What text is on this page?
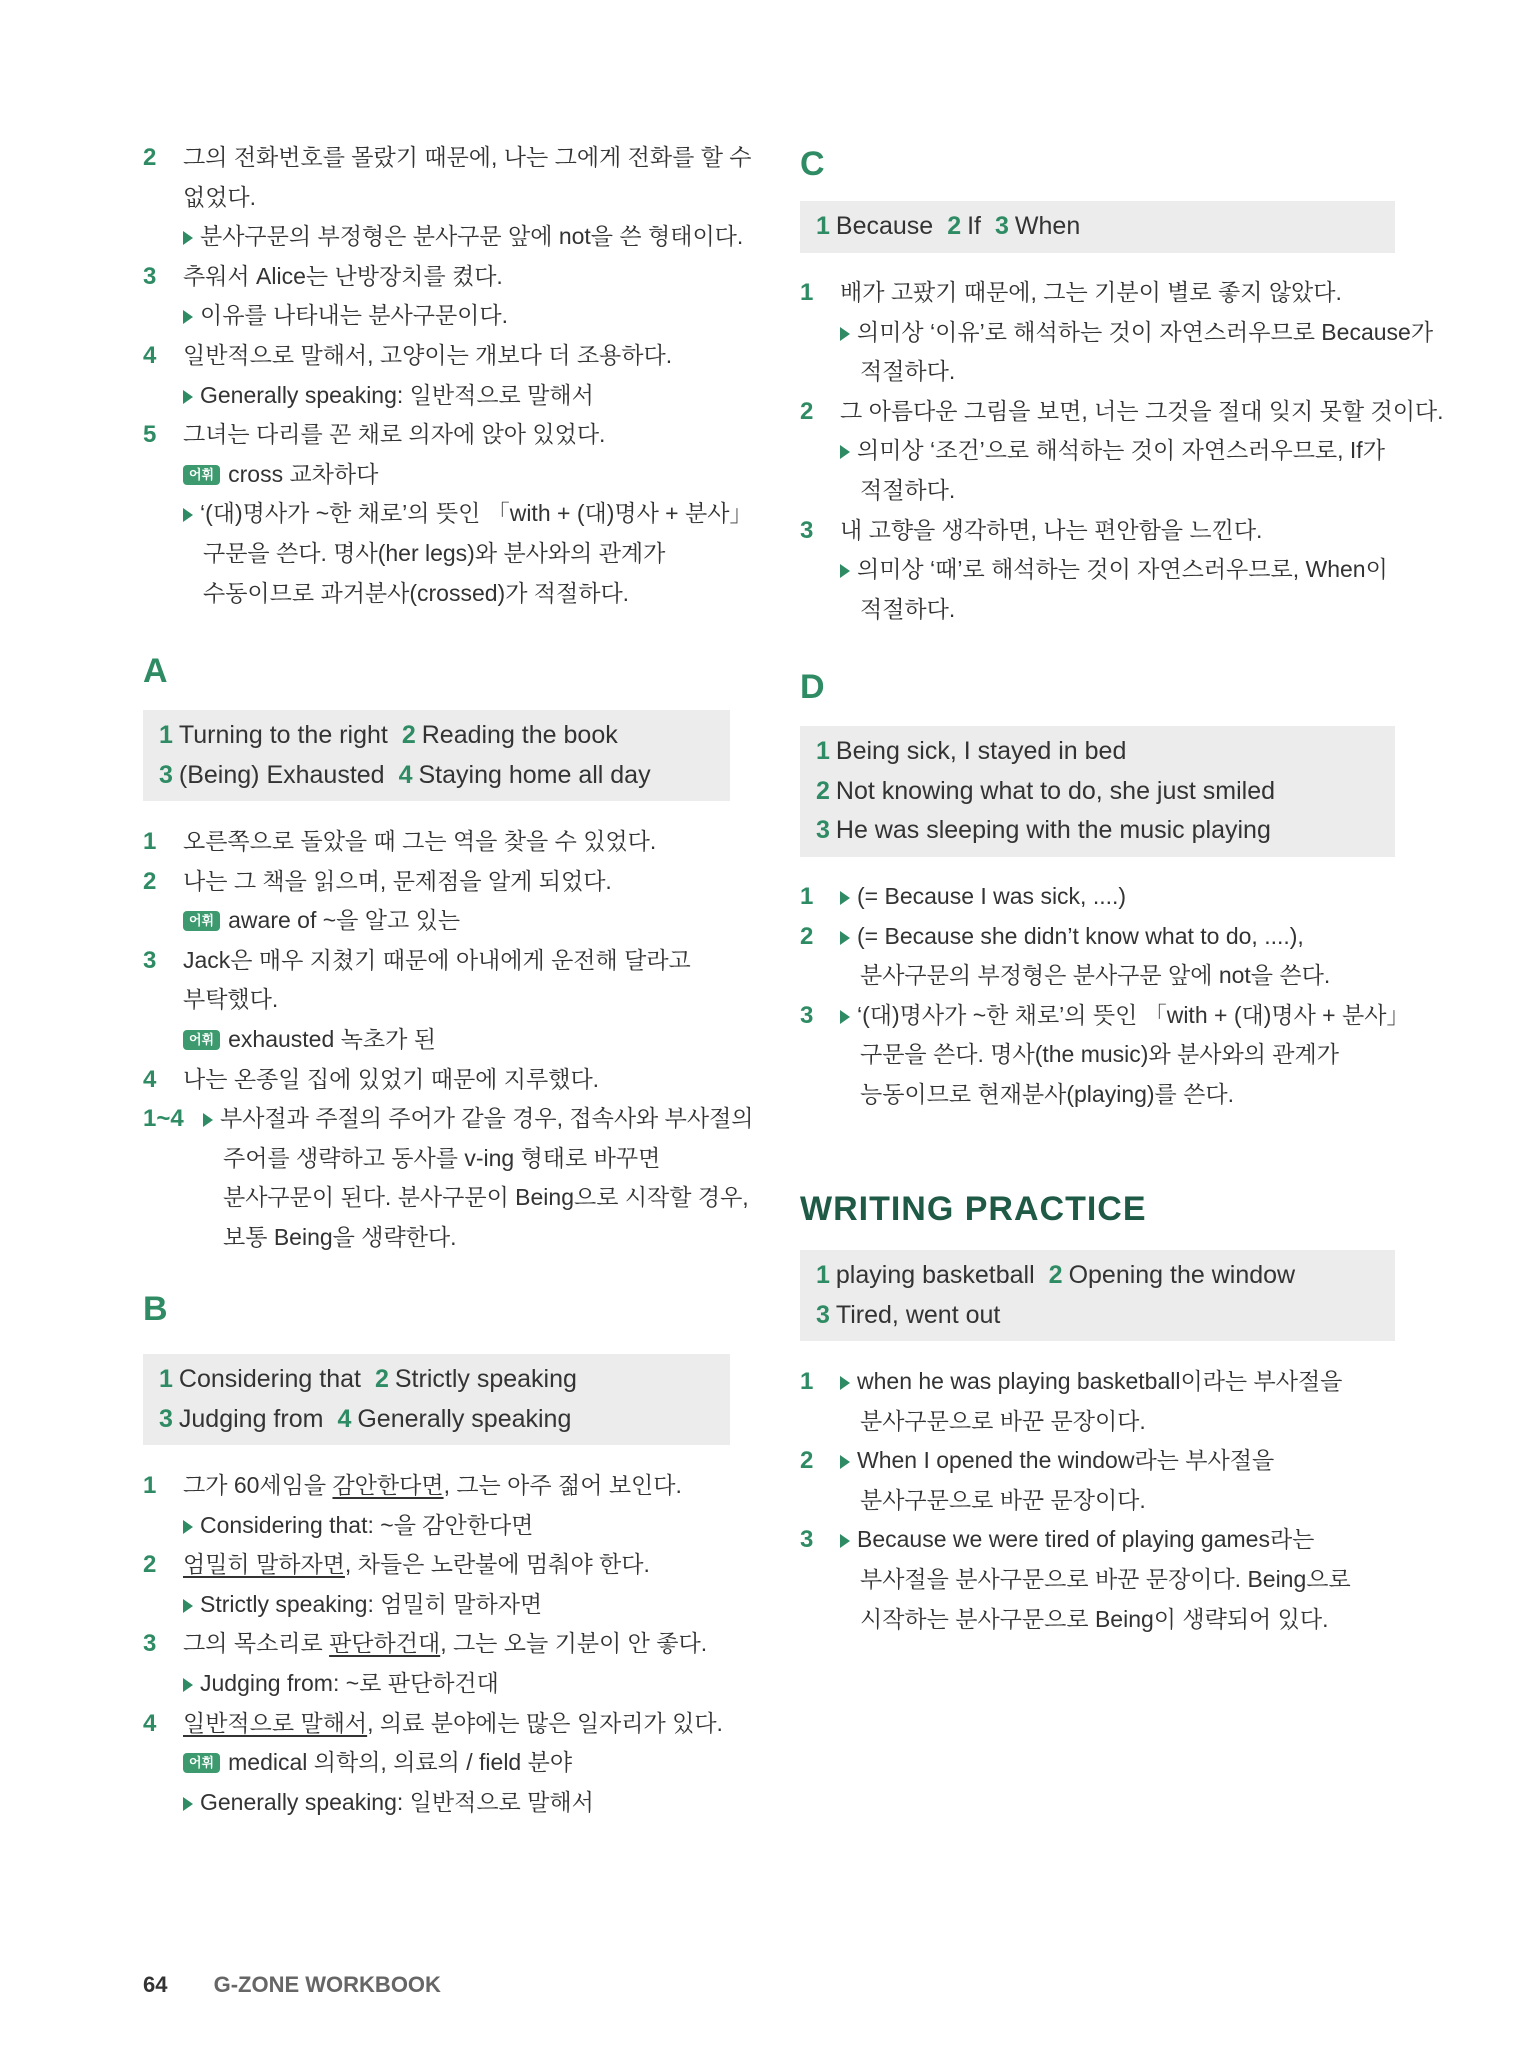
2 그의 전화번호를 몰랐기 때문에, 나는 그에게 전화를 할 수
없었다.
분사구문의 부정형은 분사구문 앞에 not을 쓴 형태이다.
3 추워서 Alice는 난방장치를 켰다.
이유를 나타내는 분사구문이다.
4 일반적으로 말해서, 고양이는 개보다 더 조용하다.
Generally speaking: 일반적으로 말해서
5 그녀는 다리를 꼰 채로 의자에 앉아 있었다.
어휘 cross 교차하다
‘(대)명사가 ~한 채로’의 뜻인 「with + (대)명사 + 분사」
구문을 쓴다. 명사(her legs)와 분사와의 관계가
수동이므로 과거분사(crossed)가 적절하다.
A
1 Turning to the right 2 Reading the book
3 (Being) Exhausted 4 Staying home all day
1 오른쪽으로 돌았을 때 그는 역을 찾을 수 있었다.
2 나는 그 책을 읽으며, 문제점을 알게 되었다.
어휘 aware of ~을 알고 있는
3 Jack은 매우 지쳤기 때문에 아내에게 운전해 달라고
부탁했다.
어휘 exhausted 녹초가 된
4 나는 온종일 집에 있었기 때문에 지루했다.
1~4	부사절과 주절의 주어가 같을 경우, 접속사와 부사절의
주어를 생략하고 동사를 v-ing 형태로 바꾸면
분사구문이 된다. 분사구문이 Being으로 시작할 경우,
보통 Being을 생략한다.
B
1 Considering that 2 Strictly speaking
3 Judging from 4 Generally speaking
1 그가 60세임을 감안한다면, 그는 아주 젊어 보인다.
Considering that: ~을 감안한다면
2 엄밀히 말하자면, 차들은 노란불에 멈춰야 한다.
Strictly speaking: 엄밀히 말하자면
3 그의 목소리로 판단하건대, 그는 오늘 기분이 안 좋다.
Judging from: ~로 판단하건대
4 일반적으로 말해서, 의료 분야에는 많은 일자리가 있다.
어휘 medical 의학의, 의료의 / field 분야
Generally speaking: 일반적으로 말해서
C
1 Because 2 If 3 When
1 배가 고팠기 때문에, 그는 기분이 별로 좋지 않았다.
의미상 ‘이유’로 해석하는 것이 자연스러우므로 Because가
적절하다.
2 그 아름다운 그림을 보면, 너는 그것을 절대 잊지 못할 것이다.
의미상 ‘조건’으로 해석하는 것이 자연스러우므로, If가
적절하다.
3 내 고향을 생각하면, 나는 편안함을 느낀다.
의미상 ‘때’로 해석하는 것이 자연스러우므로, When이
적절하다.
D
1 Being sick, I stayed in bed
2 Not knowing what to do, she just smiled
3 He was sleeping with the music playing
1	(= Because I was sick, ....)
2	(= Because she didn’t know what to do, ....),
분사구문의 부정형은 분사구문 앞에 not을 쓴다.
3	‘(대)명사가 ~한 채로’의 뜻인 「with + (대)명사 + 분사」
구문을 쓴다. 명사(the music)와 분사와의 관계가
능동이므로 현재분사(playing)를 쓴다.
WRITING PRACTICE
1 playing basketball 2 Opening the window
3 Tired, went out
1	when he was playing basketball이라는 부사절을
분사구문으로 바꾼 문장이다.
2	When I opened the window라는 부사절을
분사구문으로 바꾼 문장이다.
3	Because we were tired of playing games라는
부사절을 분사구문으로 바꾼 문장이다. Being으로
시작하는 분사구문으로 Being이 생략되어 있다.
64 G-ZONE WORKBOOK
